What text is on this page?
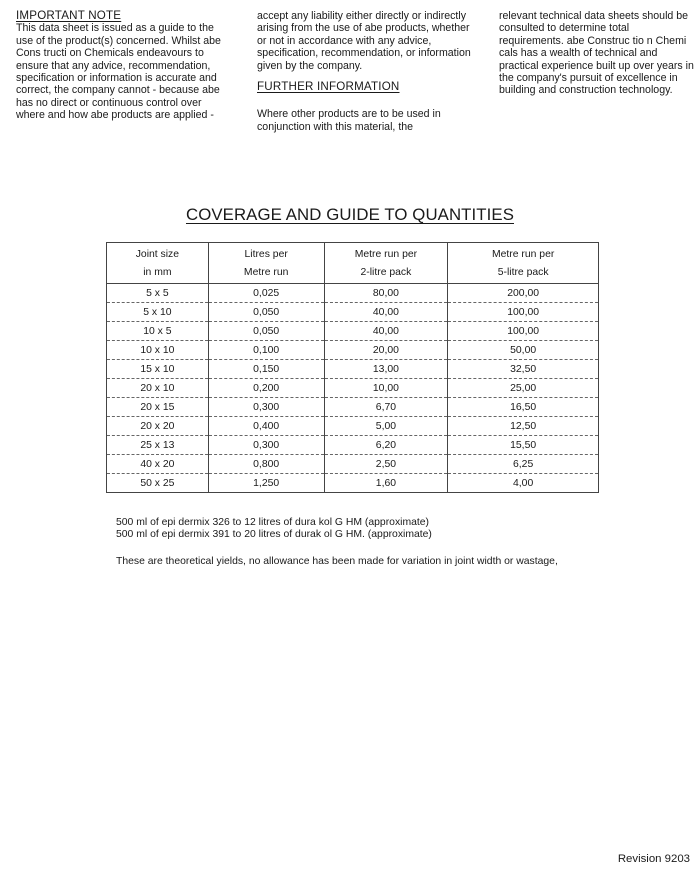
IMPORTANT NOTE

This data sheet is issued as a guide to the use of the product(s) concerned. Whilst abe Cons tructi on Chemicals endeavours to ensure that any advice, recommendation, specification or information is accurate and correct, the company cannot - because abe has no direct or continuous control over where and how abe products are applied -

accept any liability either directly or indirectly arising from the use of abe products, whether or not in accordance with any advice, specification, recommendation, or information given by the company.

FURTHER INFORMATION

Where other products are to be used in conjunction with this material, the

relevant technical data sheets should be consulted to determine total requirements. abe Construc tio n Chemi cals has a wealth of technical and practical experience built up over years in the company's pursuit of excellence in building and construction technology.

COVERAGE AND GUIDE TO QUANTITIES
Joint size	Litres per	Metre run per	Metre run per
in mm	Metre run	2-litre pack	5-litre pack
5 x 5	0,025	80,00	200,00
5 x 10	0,050	40,00	100,00
10 x 5	0,050	40,00	100,00
10 x 10	0,100	20,00	50,00
15 x 10	0,150	13,00	32,50
20 x 10	0,200	10,00	25,00
20 x 15	0,300	6,70	16,50
20 x 20	0,400	5,00	12,50
25 x 13	0,300	6,20	15,50
40 x 20	0,800	2,50	6,25
50 x 25	1,250	1,60	4,00

500 ml of epi dermix 326 to 12 litres of dura kol G HM (approximate)

500 ml of epi dermix 391 to 20 litres of durak ol G HM. (approximate)

These are theoretical yields, no allowance has been made for variation in joint width or wastage,

Revision 9203
